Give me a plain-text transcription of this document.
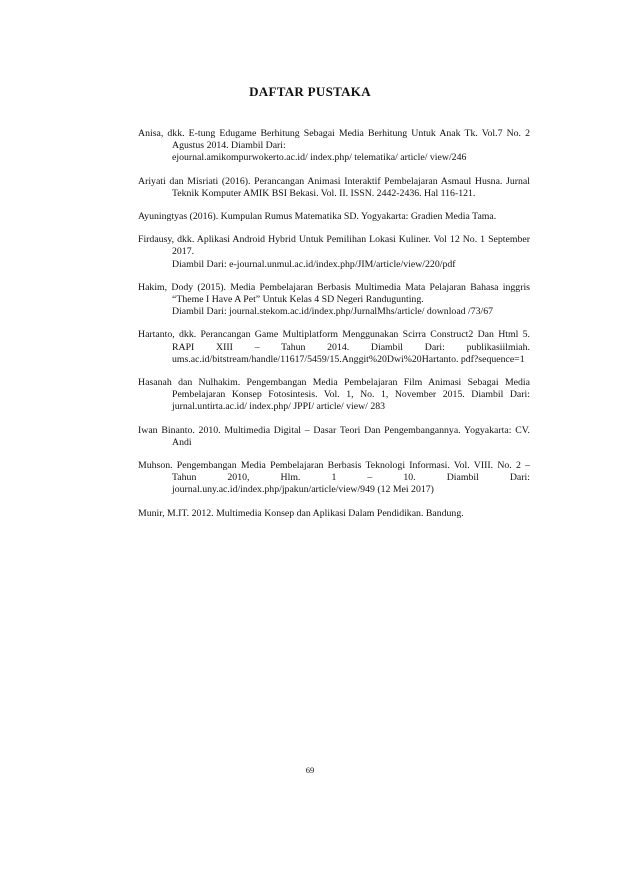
DAFTAR PUSTAKA

Anisa, dkk. E-tung Edugame Berhitung Sebagai Media Berhitung Untuk Anak Tk. Vol.7 No. 2 Agustus 2014. Diambil Dari:
ejournal.amikompurwokerto.ac.id/ index.php/ telematika/ article/ view/246

Ariyati dan Misriati (2016). Perancangan Animasi Interaktif Pembelajaran Asmaul Husna. Jurnal Teknik Komputer AMIK BSI Bekasi. Vol. II. ISSN. 2442-2436. Hal 116-121.

Ayuningtyas (2016). Kumpulan Rumus Matematika SD. Yogyakarta: Gradien Media Tama.

Firdausy, dkk. Aplikasi Android Hybrid Untuk Pemilihan Lokasi Kuliner. Vol 12 No. 1 September 2017.
Diambil Dari: e-journal.unmul.ac.id/index.php/JIM/article/view/220/pdf

Hakim, Dody (2015). Media Pembelajaran Berbasis Multimedia Mata Pelajaran Bahasa inggris “Theme I Have A Pet” Untuk Kelas 4 SD Negeri Randugunting.
Diambil Dari: journal.stekom.ac.id/index.php/JurnalMhs/article/ download /73/67

Hartanto, dkk. Perancangan Game Multiplatform Menggunakan Scirra Construct2 Dan Html 5. RAPI XIII – Tahun 2014. Diambil Dari: publikasiilmiah. ums.ac.id/bitstream/handle/11617/5459/15.Anggit%20Dwi%20Hartanto. pdf?sequence=1

Hasanah dan Nulhakim. Pengembangan Media Pembelajaran Film Animasi Sebagai Media Pembelajaran Konsep Fotosintesis. Vol. 1, No. 1, November 2015. Diambil Dari: jurnal.untirta.ac.id/ index.php/ JPPI/ article/ view/ 283

Iwan Binanto. 2010. Multimedia Digital – Dasar Teori Dan Pengembangannya. Yogyakarta: CV. Andi

Muhson. Pengembangan Media Pembelajaran Berbasis Teknologi Informasi. Vol. VIII. No. 2 – Tahun 2010, Hlm. 1 – 10. Diambil Dari: journal.uny.ac.id/index.php/jpakun/article/view/949 (12 Mei 2017)

Munir, M.IT. 2012. Multimedia Konsep dan Aplikasi Dalam Pendidikan. Bandung.

69
